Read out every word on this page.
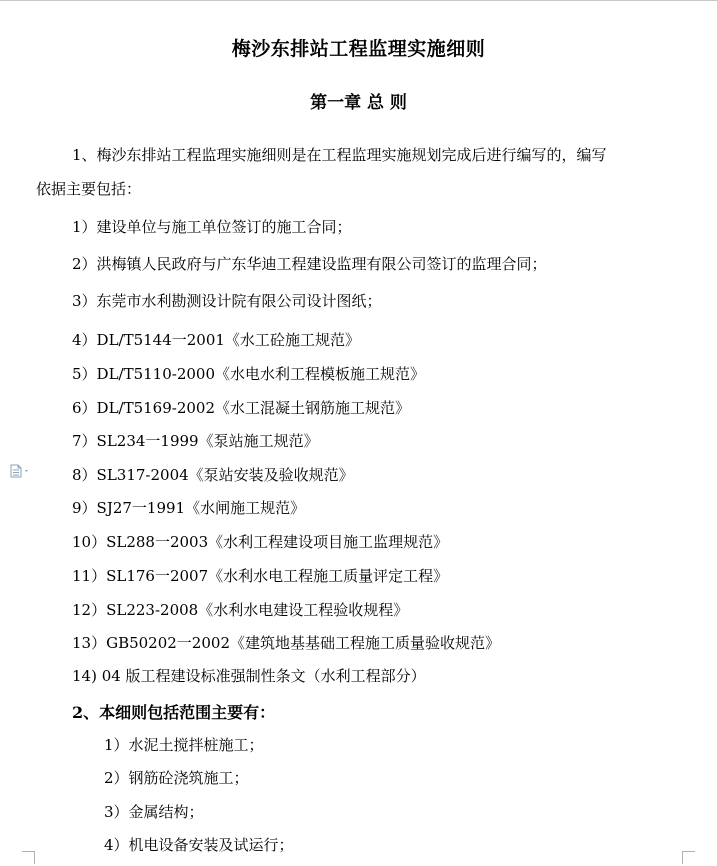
梅沙东排站工程监理实施细则
第一章 总 则
1、梅沙东排站工程监理实施细则是在工程监理实施规划完成后进行编写的，编写
依据主要包括：
1）建设单位与施工单位签订的施工合同；
2）洪梅镇人民政府与广东华迪工程建设监理有限公司签订的监理合同；
3）东莞市水利勘测设计院有限公司设计图纸；
4）DL/T5144一2001《水工砼施工规范》
5）DL/T5110-2000《水电水利工程模板施工规范》
6）DL/T5169-2002《水工混凝土钢筋施工规范》
7）SL234一1999《泵站施工规范》
8）SL317-2004《泵站安装及验收规范》
9）SJ27一1991《水闸施工规范》
10）SL288一2003《水利工程建设项目施工监理规范》
11）SL176一2007《水利水电工程施工质量评定工程》
12）SL223-2008《水利水电建设工程验收规程》
13）GB50202一2002《建筑地基基础工程施工质量验收规范》
14) 04 版工程建设标准强制性条文（水利工程部分）
2、本细则包括范围主要有：
1）水泥土搅拌桩施工；
2）钢筋砼浇筑施工；
3）金属结构；
4）机电设备安装及试运行；
